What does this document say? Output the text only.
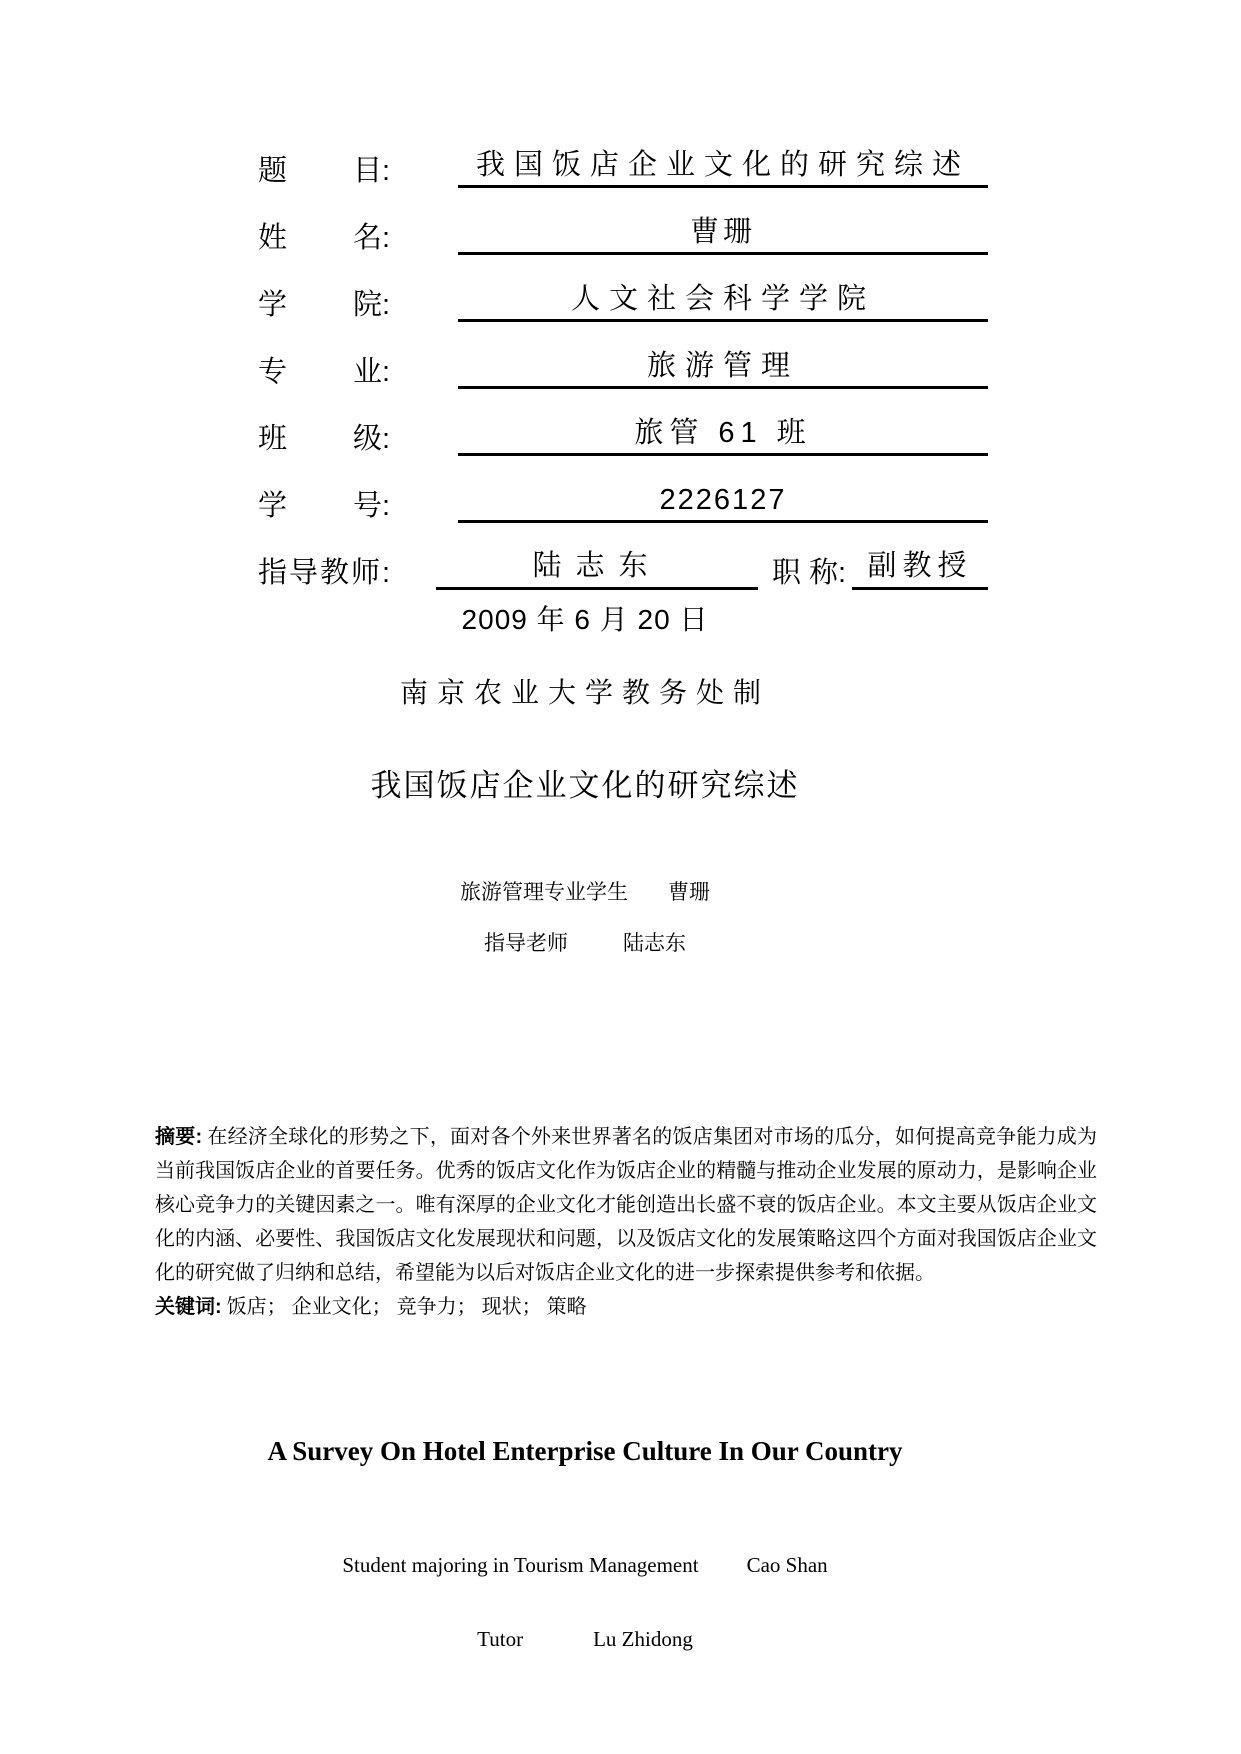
题 目:	我国饭店企业文化的研究综述
姓 名:	曹珊
学 院:	人文社会科学学院
专 业:	旅游管理
班 级:	旅管 61 班
学 号:	2226127
指导教师:	陆志东	职 称: 副教授
2009 年 6 月 20 日
南京农业大学教务处制
我国饭店企业文化的研究综述
旅游管理专业学生 曹珊
指导老师	陆志东
摘要: 在经济全球化的形势之下，面对各个外来世界著名的饭店集团对市场的瓜分，如何提高竞争能力成为当前我国饭店企业的首要任务。优秀的饭店文化作为饭店企业的精髓与推动企业发展的原动力，是影响企业核心竞争力的关键因素之一。唯有深厚的企业文化才能创造出长盛不衰的饭店企业。本文主要从饭店企业文化的内涵、必要性、我国饭店文化发展现状和问题，以及饭店文化的发展策略这四个方面对我国饭店企业文化的研究做了归纳和总结，希望能为以后对饭店企业文化的进一步探索提供参考和依据。
关键词: 饭店； 企业文化； 竞争力； 现状； 策略
A Survey On Hotel Enterprise Culture In Our Country
Student majoring in Tourism Management Cao Shan
Tutor	Lu Zhidong
